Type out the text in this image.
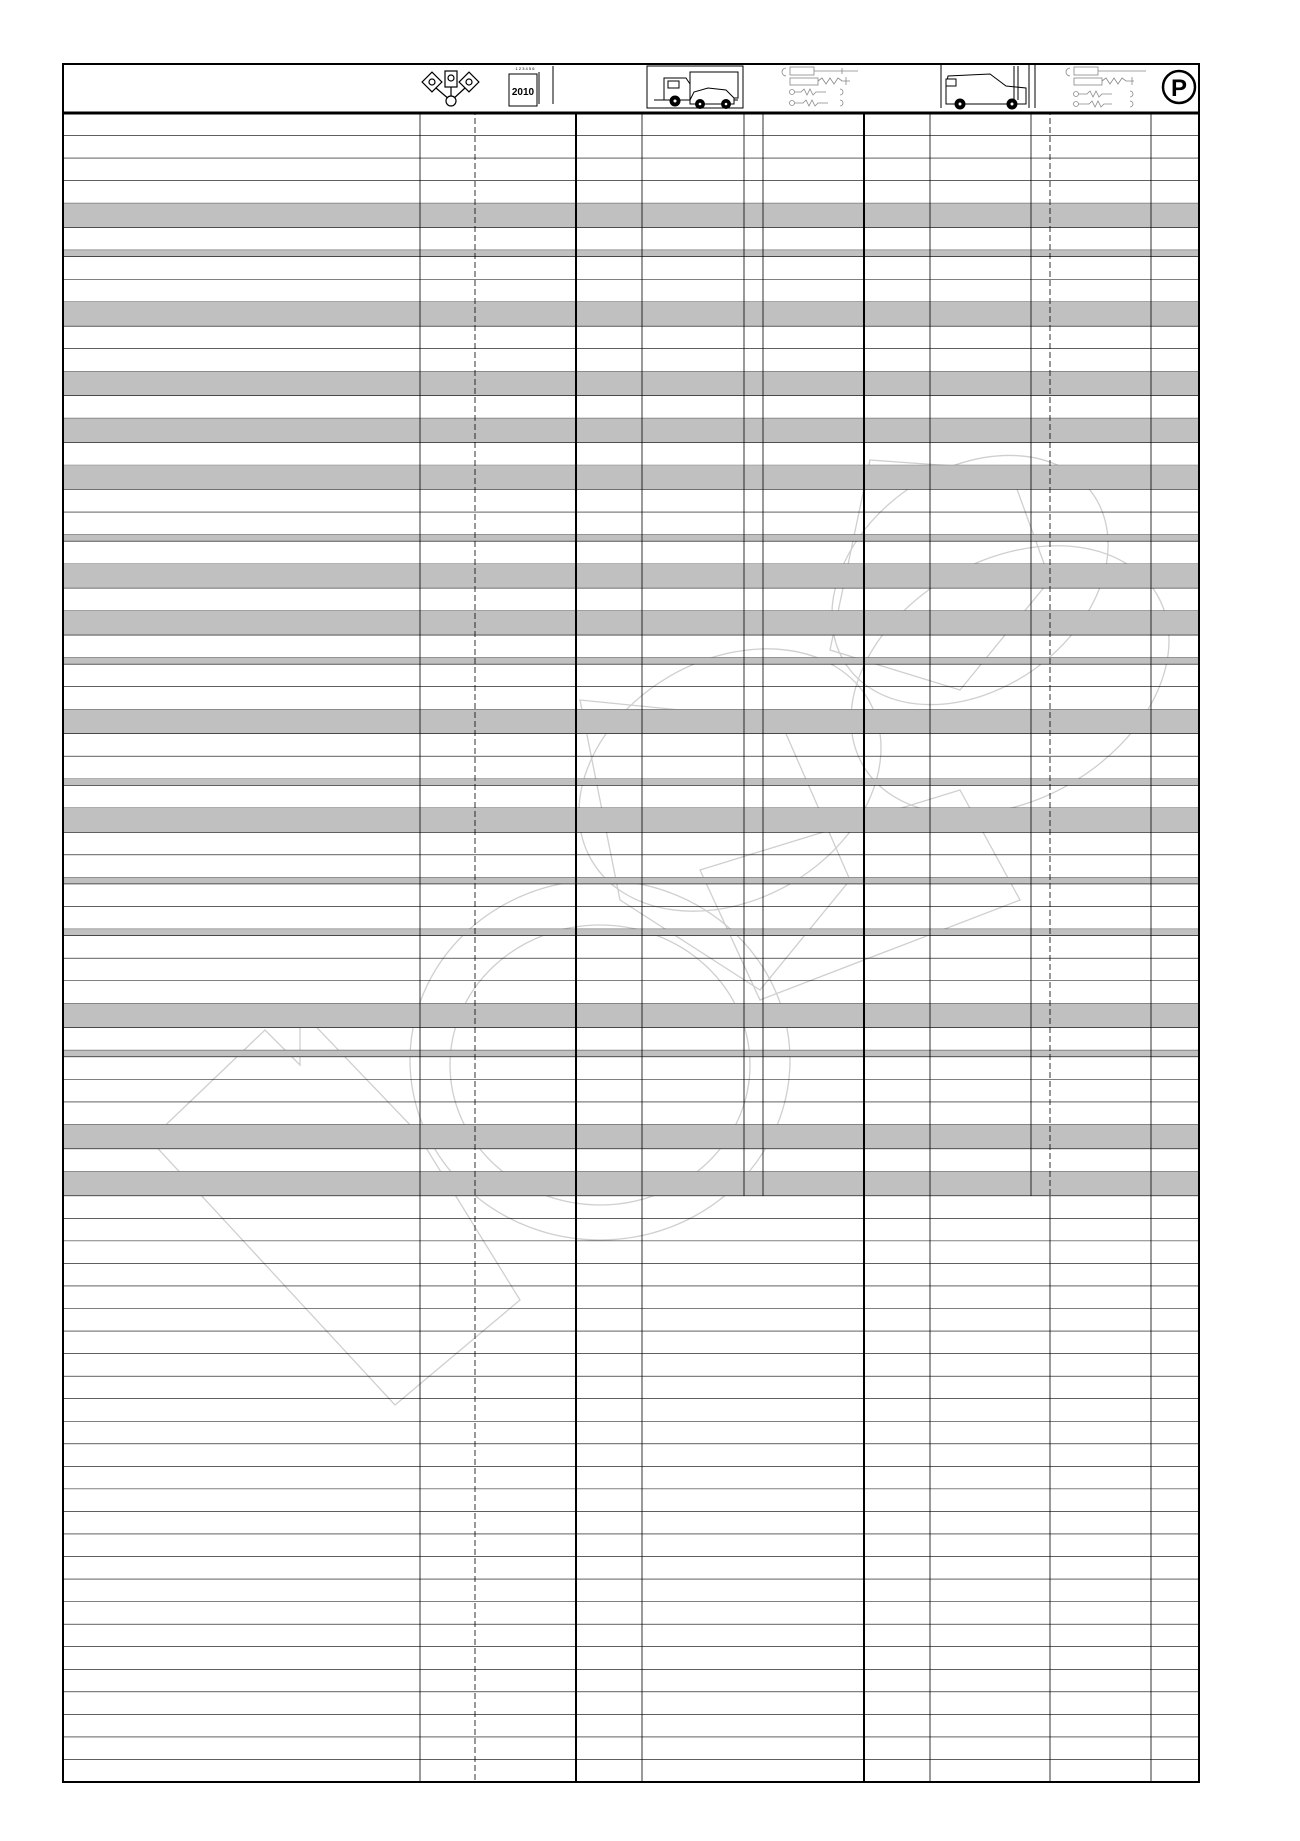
1 2 3 4 5 6
2010	P
